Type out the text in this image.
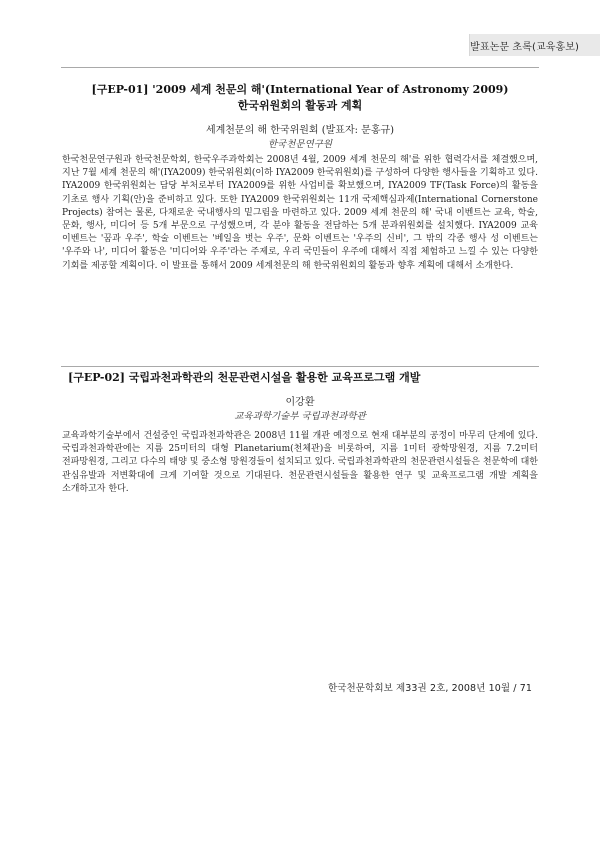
발표논문 초록(교육홍보)
[구EP-01] '2009 세계 천문의 해'(International Year of Astronomy 2009)
한국위원회의 활동과 계획
세계천문의 해 한국위원회 (발표자: 문홍규)
한국천문연구원
한국천문연구원과 한국천문학회, 한국우주과학회는 2008년 4월, 2009 세계 천문의 해'를 위한 협력각서를 체결했으며, 지난 7월 세계 천문의 해'(IYA2009) 한국위원회(이하 IYA2009 한국위원회)를 구성하여 다양한 행사들을 기획하고 있다. IYA2009 한국위원회는 담당 부처로부터 IYA2009를 위한 사업비를 확보했으며, IYA2009 TF(Task Force)의 활동을 기초로 행사 기획(안)을 준비하고 있다. 또한 IYA2009 한국위원회는 11개 국제핵심과제(International Cornerstone Projects) 참여는 물론, 다채로운 국내행사의 밑그림을 마련하고 있다. 2009 세계 천문의 해' 국내 이벤트는 교육, 학술, 문화, 행사, 미디어 등 5개 부문으로 구성했으며, 각 분야 활동을 전담하는 5개 분과위원회를 설치했다. IYA2009 교육 이벤트는 '꿈과 우주', 학술 이벤트는 '베일을 벗는 우주', 문화 이벤트는 '우주의 신비', 그 밖의 각종 행사 성 이벤트는 '우주와 나', 미디어 활동은 '미디어와 우주'라는 주제로, 우리 국민들이 우주에 대해서 직접 체험하고 느낄 수 있는 다양한 기회를 제공할 계획이다. 이 발표를 통해서 2009 세계천문의 해 한국위원회의 활동과 향후 계획에 대해서 소개한다.
[구EP-02] 국립과천과학관의 천문관련시설을 활용한 교육프로그램 개발
이강환
교육과학기술부 국립과천과학관
교육과학기술부에서 건설중인 국립과천과학관은 2008년 11월 개관 예정으로 현재 대부분의 공정이 마무리 단계에 있다. 국립과천과학관에는 지름 25미터의 대형 Planetarium(천체관)을 비롯하여, 지름 1미터 광학망원경, 지름 7.2미터 전파망원경, 그리고 다수의 태양 및 중소형 망원경들이 설치되고 있다. 국립과천과학관의 천문관련시설들은 천문학에 대한 관심유발과 저변확대에 크게 기여할 것으로 기대된다. 천문관련시설들을 활용한 연구 및 교육프로그램 개발 계획을 소개하고자 한다.
한국천문학회보 제33권 2호, 2008년 10월 / 71
